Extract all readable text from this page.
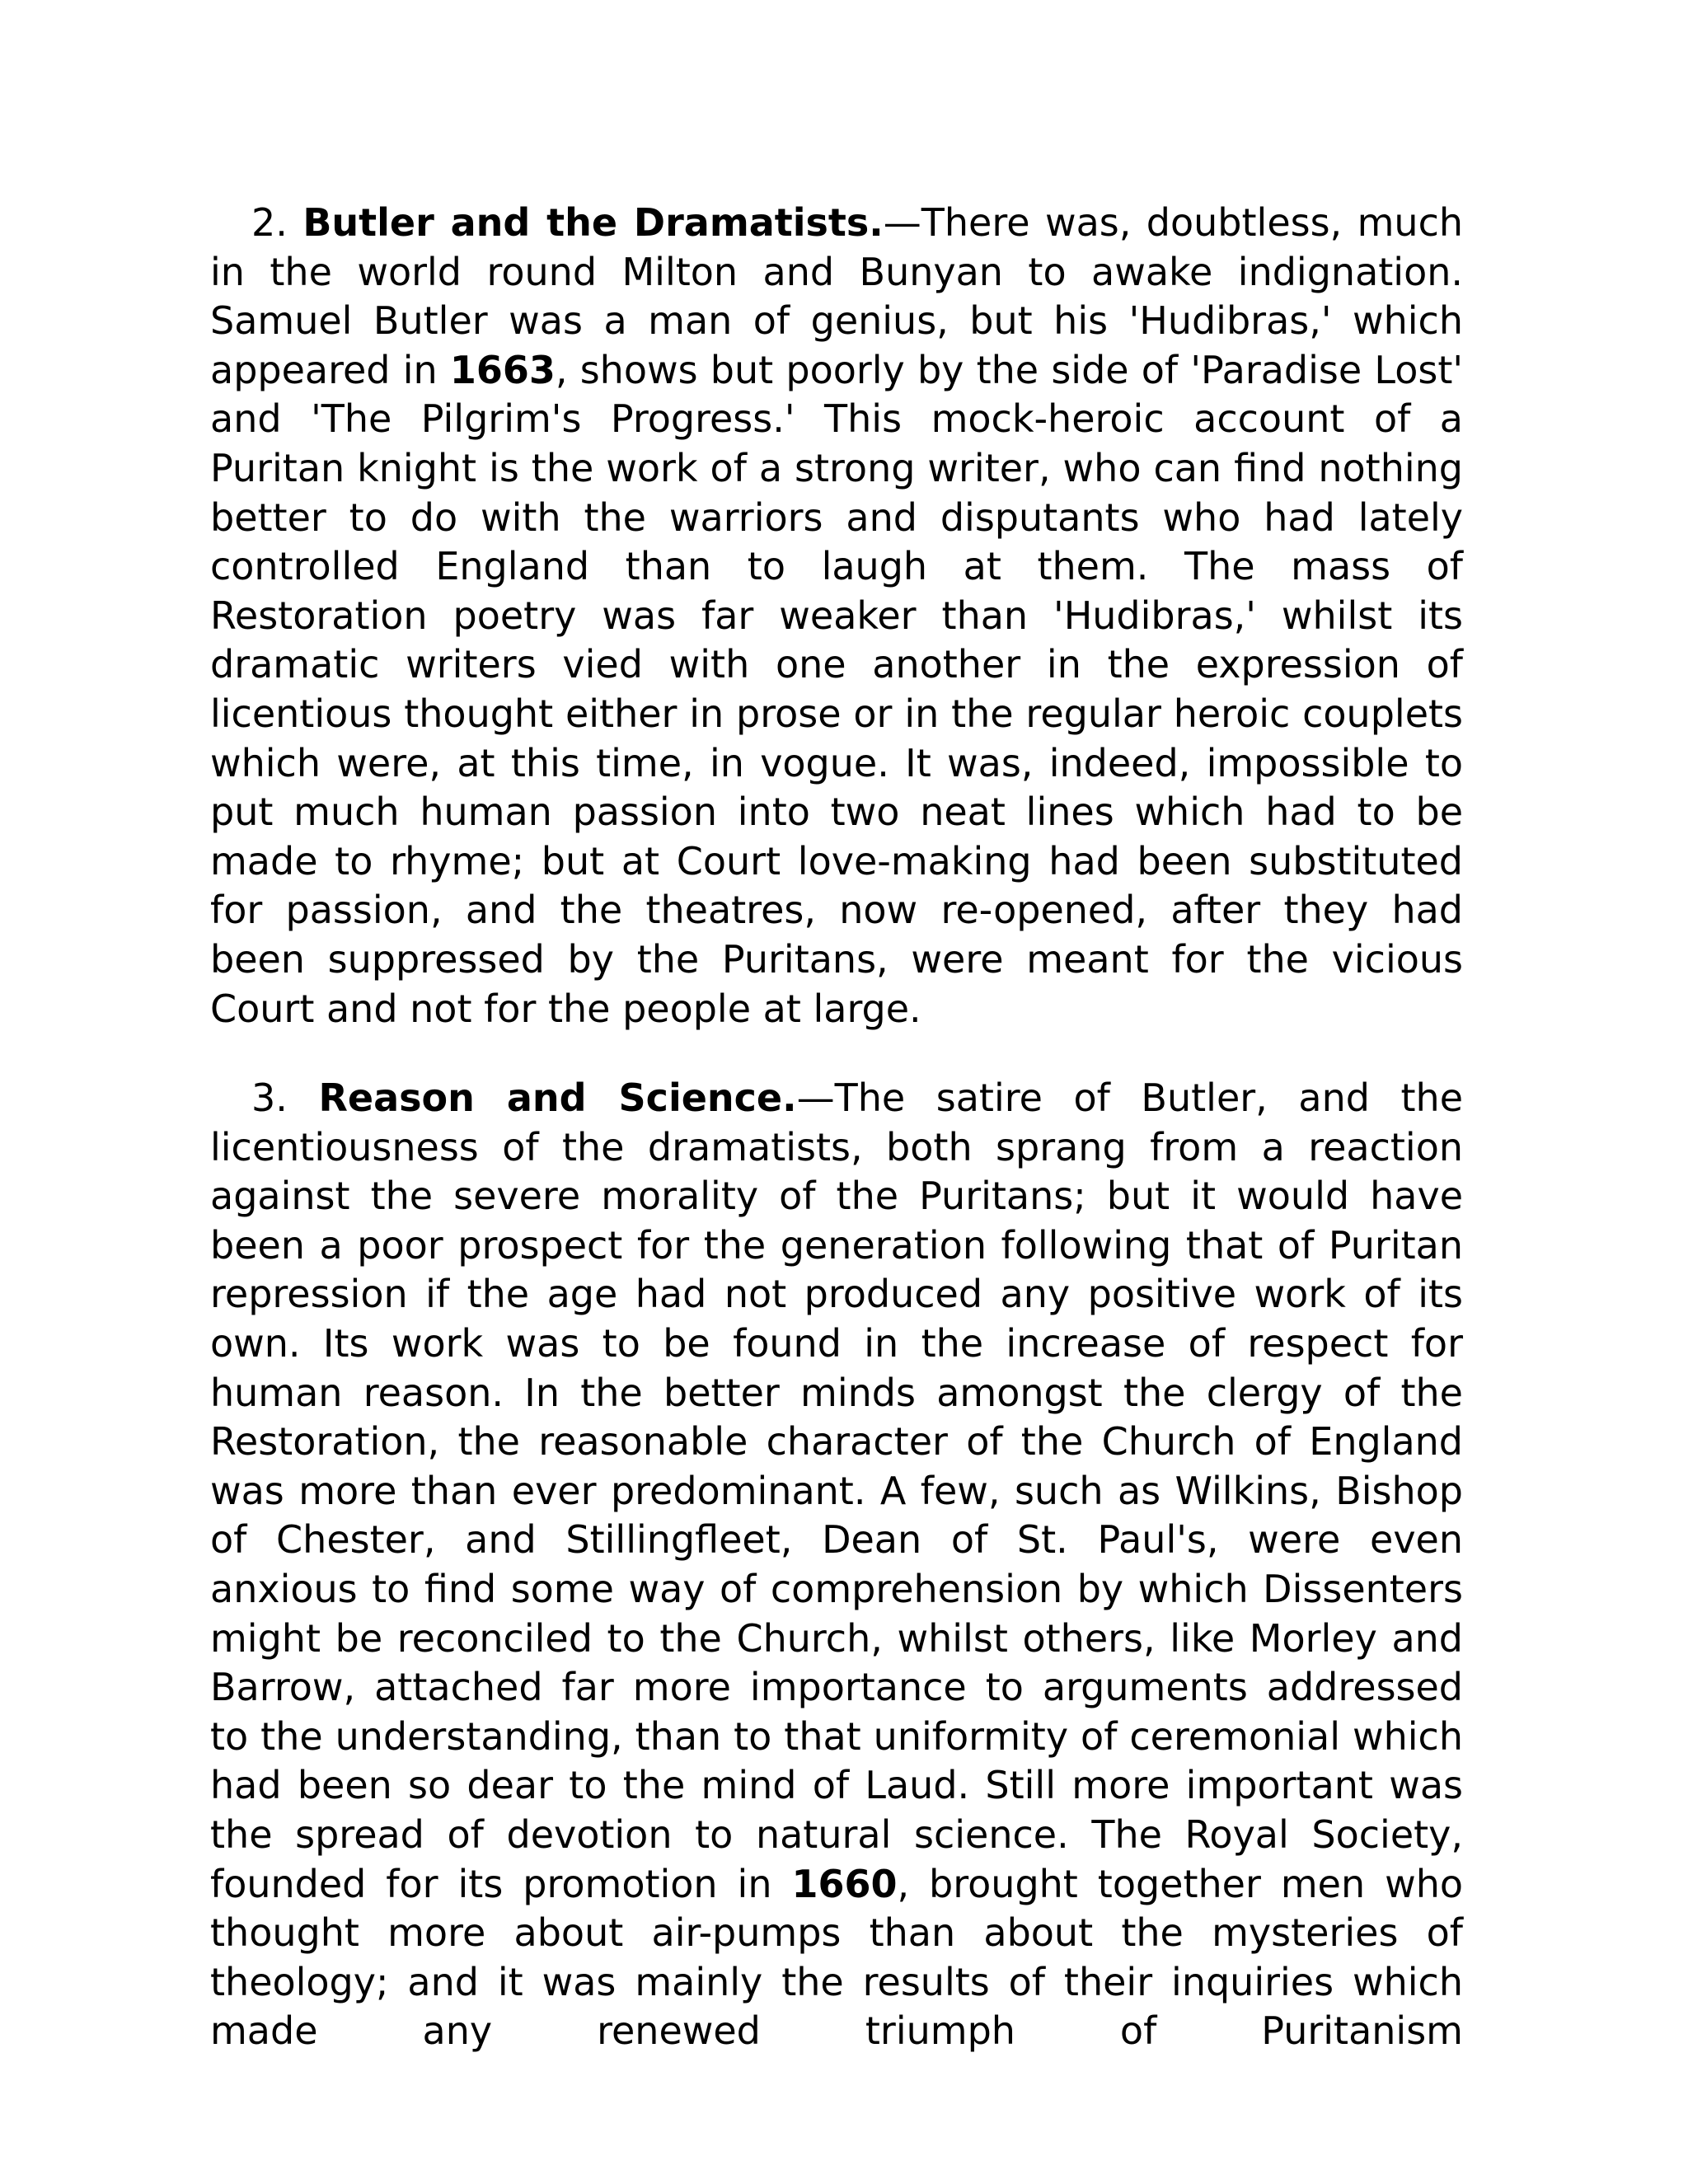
2. Butler and the Dramatists.—There was, doubtless, much in the world round Milton and Bunyan to awake indignation. Samuel Butler was a man of genius, but his 'Hudibras,' which appeared in 1663, shows but poorly by the side of 'Paradise Lost' and 'The Pilgrim's Progress.' This mock-heroic account of a Puritan knight is the work of a strong writer, who can find nothing better to do with the warriors and disputants who had lately controlled England than to laugh at them. The mass of Restoration poetry was far weaker than 'Hudibras,' whilst its dramatic writers vied with one another in the expression of licentious thought either in prose or in the regular heroic couplets which were, at this time, in vogue. It was, indeed, impossible to put much human passion into two neat lines which had to be made to rhyme; but at Court love-making had been substituted for passion, and the theatres, now re-opened, after they had been suppressed by the Puritans, were meant for the vicious Court and not for the people at large.

3. Reason and Science.—The satire of Butler, and the licentiousness of the dramatists, both sprang from a reaction against the severe morality of the Puritans; but it would have been a poor prospect for the generation following that of Puritan repression if the age had not produced any positive work of its own. Its work was to be found in the increase of respect for human reason. In the better minds amongst the clergy of the Restoration, the reasonable character of the Church of England was more than ever predominant. A few, such as Wilkins, Bishop of Chester, and Stillingfleet, Dean of St. Paul's, were even anxious to find some way of comprehension by which Dissenters might be reconciled to the Church, whilst others, like Morley and Barrow, attached far more importance to arguments addressed to the understanding, than to that uniformity of ceremonial which had been so dear to the mind of Laud. Still more important was the spread of devotion to natural science. The Royal Society, founded for its promotion in 1660, brought together men who thought more about air-pumps than about the mysteries of theology; and it was mainly the results of their inquiries which made any renewed triumph of Puritanism
